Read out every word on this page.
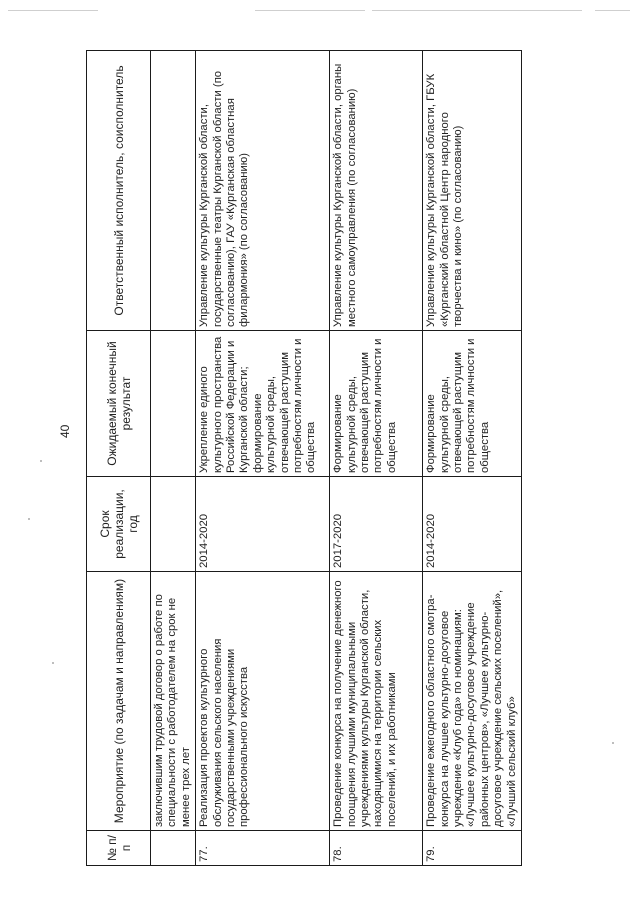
40
№ п/п	Мероприятие (по задачам и направлениям)	Срок реализации, год	Ожидаемый конечный результат	Ответственный исполнитель, соисполнитель
	заключившим трудовой договор о работе по специальности с работодателем на срок не менее трех лет			
77.	Реализация проектов культурного обслуживания сельского населения государственными учреждениями профессионального искусства	2014-2020	Укрепление единого культурного пространства Российской Федерации и Курганской области; формирование культурной среды, отвечающей растущим потребностям личности и общества	Управление культуры Курганской области, государственные театры Курганской области (по согласованию), ГАУ «Курганская областная филармония» (по согласованию)
78.	Проведение конкурса на получение денежного поощрения лучшими муниципальными учреждениями культуры Курганской области, находящимися на территории сельских поселений, и их работниками	2017-2020	Формирование культурной среды, отвечающей растущим потребностям личности и общества	Управление культуры Курганской области, органы местного самоуправления (по согласованию)
79.	Проведение ежегодного областного смотра-конкурса на лучшее культурно-досуговое учреждение «Клуб года» по номинациям: «Лучшее культурно-досуговое учреждение районных центров», «Лучшее культурно-досуговое учреждение сельских поселений», «Лучший сельский клуб»	2014-2020	Формирование культурной среды, отвечающей растущим потребностям личности и общества	Управление культуры Курганской области, ГБУК «Курганский областной Центр народного творчества и кино» (по согласованию)
